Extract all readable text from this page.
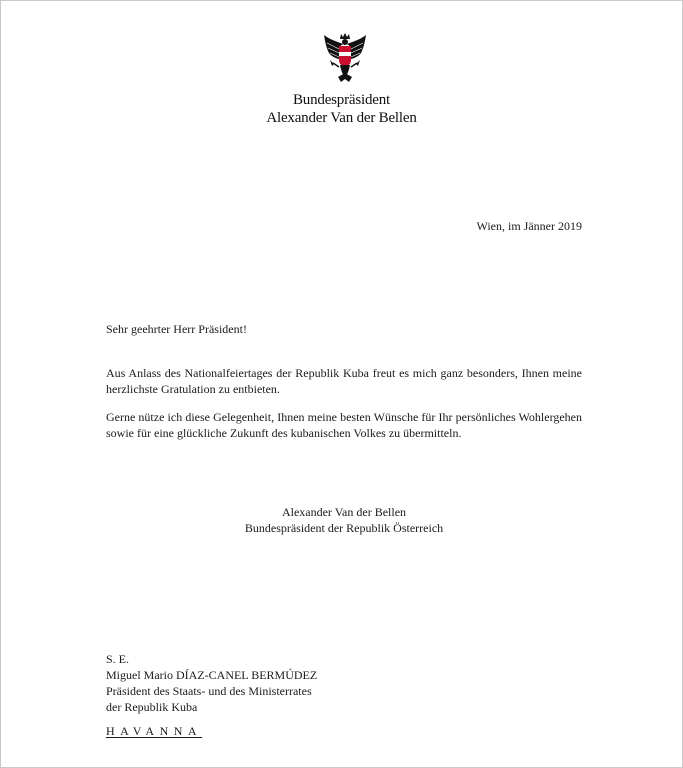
Bundespräsident
Alexander Van der Bellen
Wien, im Jänner 2019
Sehr geehrter Herr Präsident!
Aus Anlass des Nationalfeiertages der Republik Kuba freut es mich ganz besonders, Ihnen meine herzlichste Gratulation zu entbieten.
Gerne nütze ich diese Gelegenheit, Ihnen meine besten Wünsche für Ihr persönliches Wohlergehen sowie für eine glückliche Zukunft des kubanischen Volkes zu übermitteln.
Alexander Van der Bellen
Bundespräsident der Republik Österreich
S. E.
Miguel Mario DÍAZ-CANEL BERMÚDEZ
Präsident des Staats- und des Ministerrates
der Republik Kuba
HAVANNA
